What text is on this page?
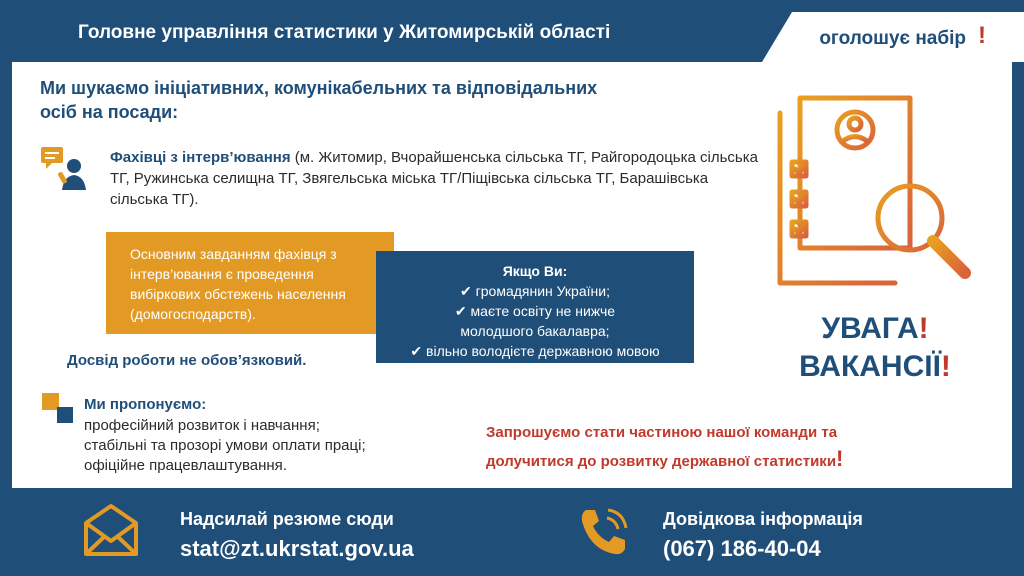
Головне управління статистики у Житомирській області	оголошує набір !
Ми шукаємо ініціативних, комунікабельних та відповідальних
осіб на посади:
Фахівці з інтерв’ювання (м. Житомир, Вчорайшенська сільська ТГ, Райгородоцька сільська ТГ, Ружинська селищна ТГ, Звягельська міська ТГ/Піщівська сільська ТГ, Барашівська сільська ТГ).
Основним завданням фахівця з інтерв’ювання є проведення вибіркових обстежень населення (домогосподарств).
Якщо Ви:
✔ громадянин України;
✔ маєте освіту не нижче
молодшого бакалавра;
✔ вільно володієте державною мовою
Досвід роботи не обов’язковий.
Ми пропонуємо:
професійний розвиток і навчання;
стабільні та прозорі умови оплати праці;
офіційне працевлаштування.
Запрошуємо стати частиною нашої команди та
долучитися до розвитку державної статистики!
УВАГА!
ВАКАНСІЇ!
Надсилай резюме сюди
stat@zt.ukrstat.gov.ua
Довідкова інформація
(067) 186-40-04
